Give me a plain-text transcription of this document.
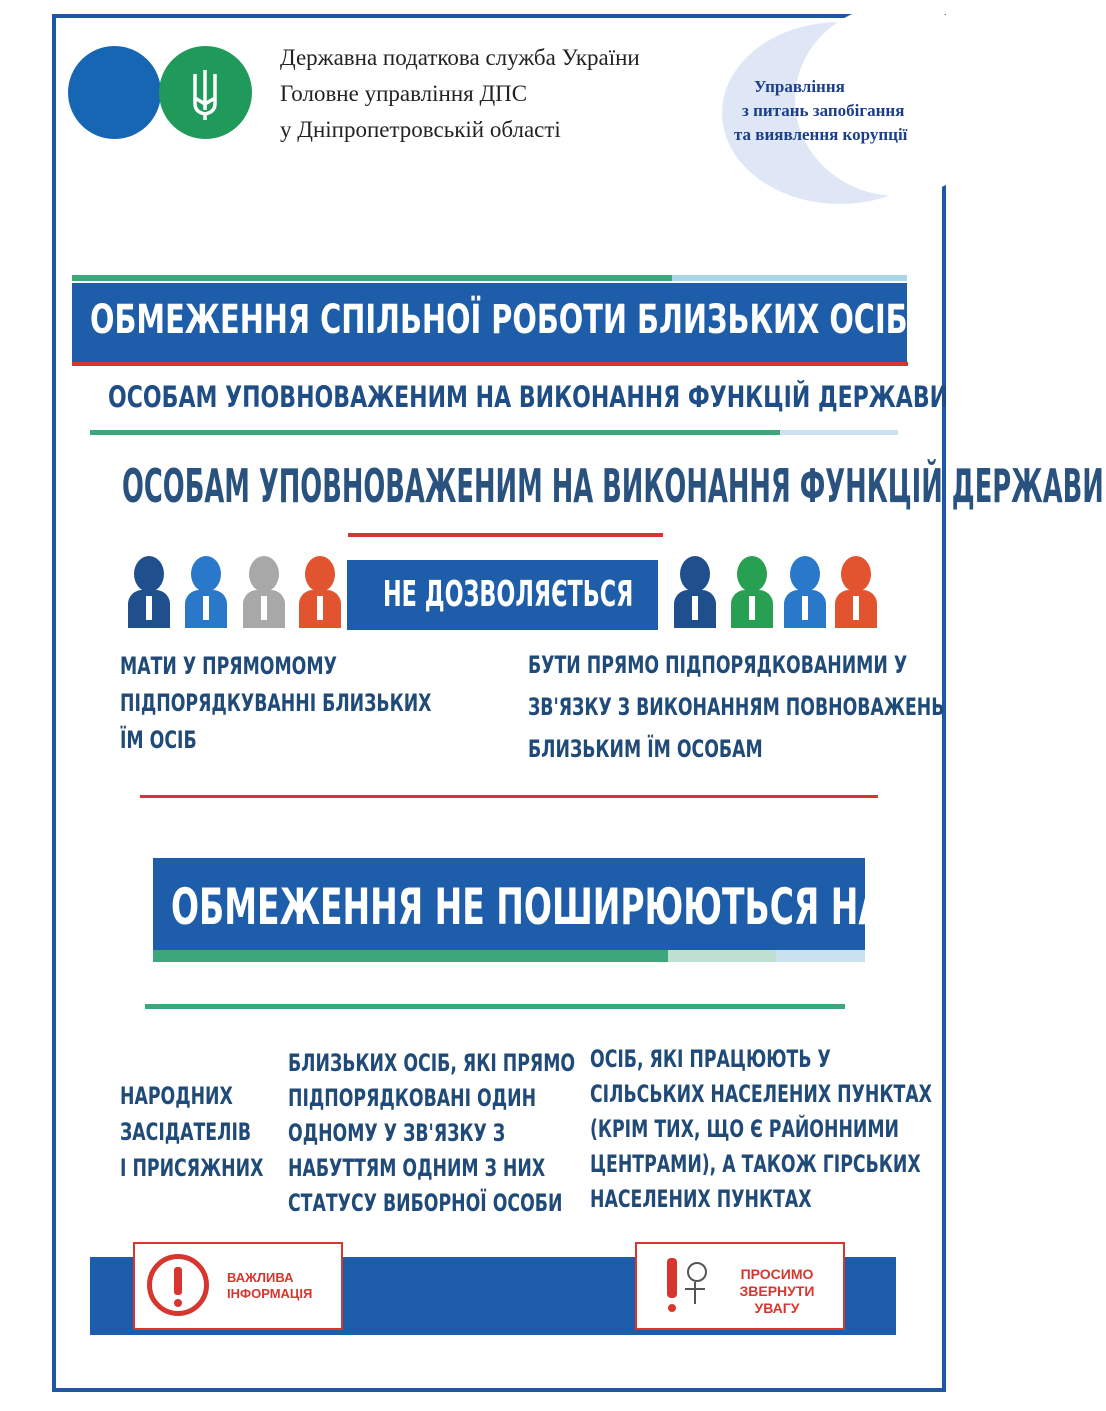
Державна податкова служба України
Головне управління ДПС
у Дніпропетровській області
Управління
з питань запобігання
та виявлення корупції
ОБМЕЖЕННЯ СПІЛЬНОЇ РОБОТИ БЛИЗЬКИХ ОСІБ
ОСОБАМ УПОВНОВАЖЕНИМ НА ВИКОНАННЯ ФУНКЦІЙ ДЕРЖАВИ
ОСОБАМ УПОВНОВАЖЕНИМ НА ВИКОНАННЯ ФУНКЦІЙ ДЕРЖАВИ
НЕ ДОЗВОЛЯЄТЬСЯ
МАТИ У ПРЯМОМОМУ
ПІДПОРЯДКУВАННІ БЛИЗЬКИХ
ЇМ ОСІБ
БУТИ ПРЯМО ПІДПОРЯДКОВАНИМИ У
ЗВ'ЯЗКУ З ВИКОНАННЯМ ПОВНОВАЖЕНЬ
БЛИЗЬКИМ ЇМ ОСОБАМ
ОБМЕЖЕННЯ НЕ ПОШИРЮЮТЬСЯ НА:
НАРОДНИХ
ЗАСІДАТЕЛІВ
І ПРИСЯЖНИХ
БЛИЗЬКИХ ОСІБ, ЯКІ ПРЯМО
ПІДПОРЯДКОВАНІ ОДИН
ОДНОМУ У ЗВ'ЯЗКУ З
НАБУТТЯМ ОДНИМ З НИХ
СТАТУСУ ВИБОРНОЇ ОСОБИ
ОСІБ, ЯКІ ПРАЦЮЮТЬ У
СІЛЬСЬКИХ НАСЕЛЕНИХ ПУНКТАХ
(КРІМ ТИХ, ЩО Є РАЙОННИМИ
ЦЕНТРАМИ), А ТАКОЖ ГІРСЬКИХ
НАСЕЛЕНИХ ПУНКТАХ
ВАЖЛИВА
ІНФОРМАЦІЯ
ПРОСИМО
ЗВЕРНУТИ
УВАГУ
